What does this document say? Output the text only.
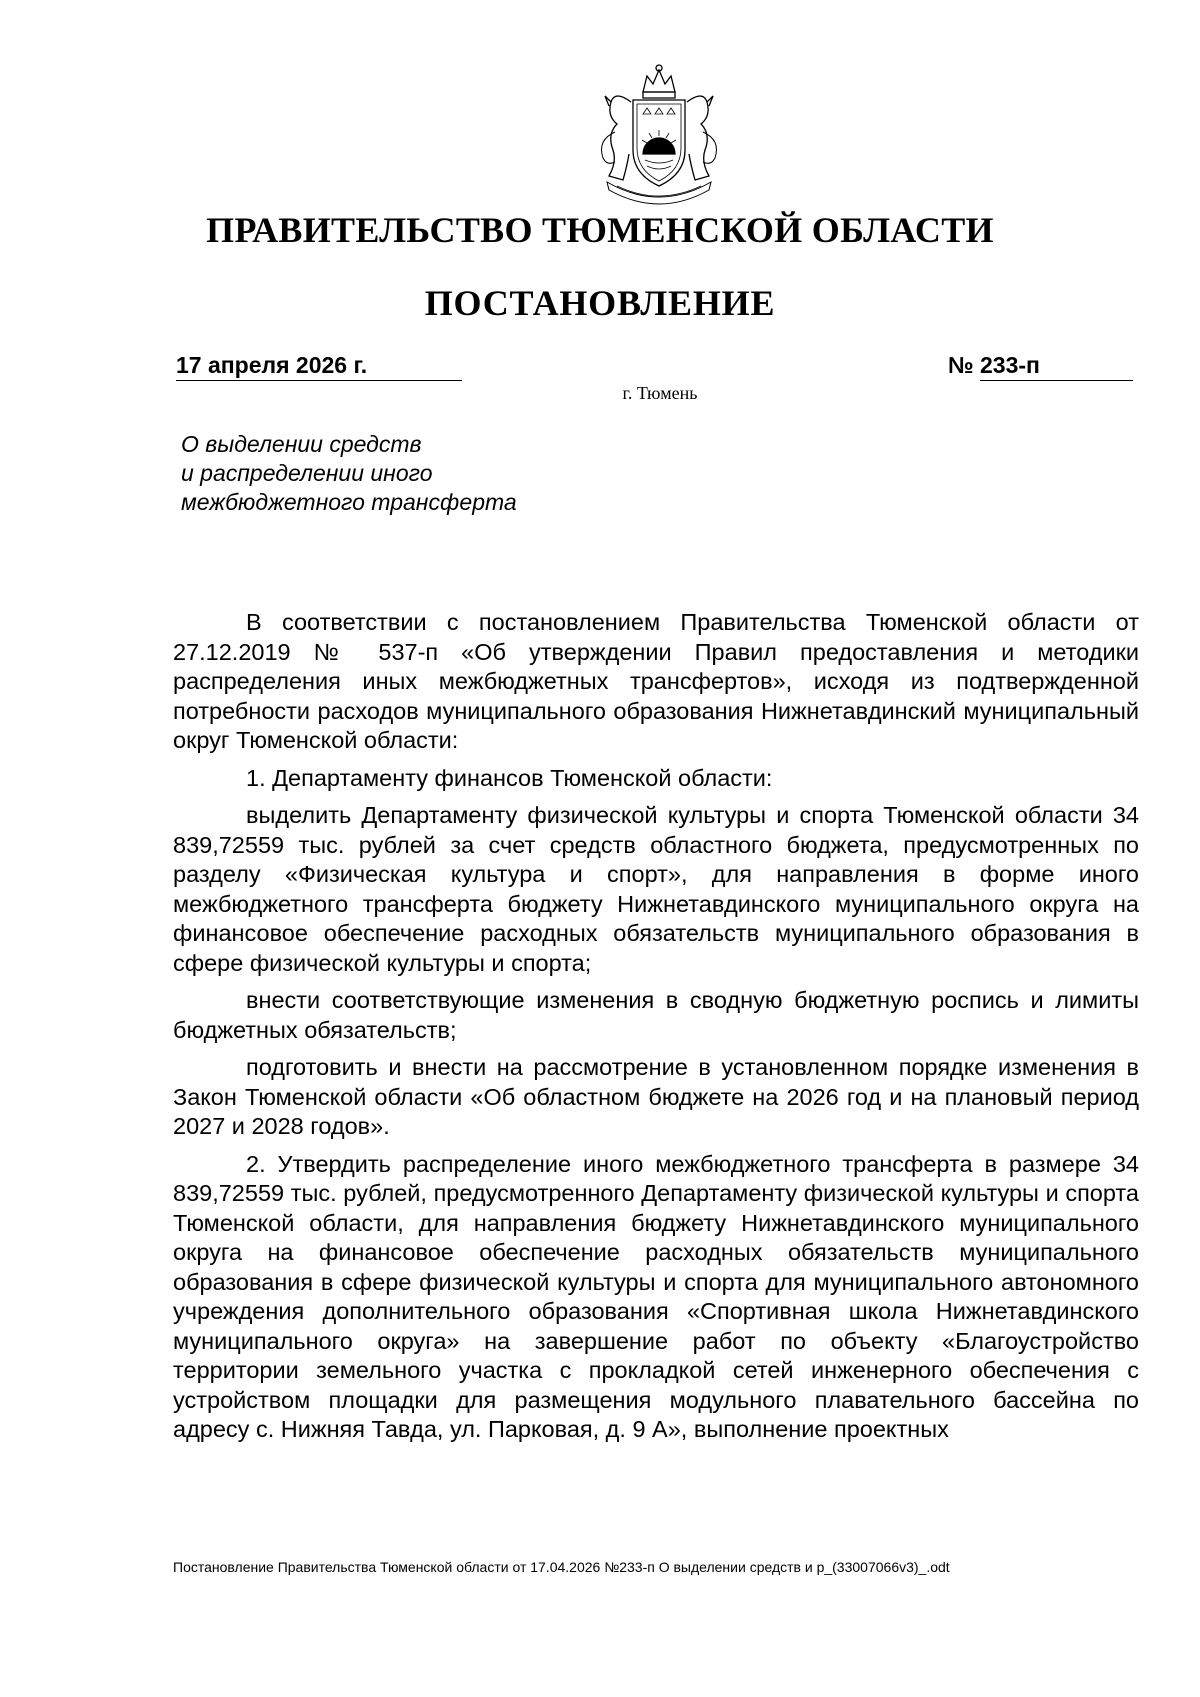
ПРАВИТЕЛЬСТВО ТЮМЕНСКОЙ ОБЛАСТИ
ПОСТАНОВЛЕНИЕ
17 апреля 2026 г.	№ 233-п
г. Тюмень
О выделении средств
и распределении иного
межбюджетного трансферта

В соответствии с постановлением Правительства Тюменской области от 27.12.2019 № 537-п «Об утверждении Правил предоставления и методики распределения иных межбюджетных трансфертов», исходя из подтвержденной потребности расходов муниципального образования Нижнетавдинский муниципальный округ Тюменской области:

1. Департаменту финансов Тюменской области:

выделить Департаменту физической культуры и спорта Тюменской области 34 839,72559 тыс. рублей за счет средств областного бюджета, предусмотренных по разделу «Физическая культура и спорт», для направления в форме иного межбюджетного трансферта бюджету Нижнетавдинского муниципального округа на финансовое обеспечение расходных обязательств муниципального образования в сфере физической культуры и спорта;

внести соответствующие изменения в сводную бюджетную роспись и лимиты бюджетных обязательств;

подготовить и внести на рассмотрение в установленном порядке изменения в Закон Тюменской области «Об областном бюджете на 2026 год и на плановый период 2027 и 2028 годов».

2. Утвердить распределение иного межбюджетного трансферта в размере 34 839,72559 тыс. рублей, предусмотренного Департаменту физической культуры и спорта Тюменской области, для направления бюджету Нижнетавдинского муниципального округа на финансовое обеспечение расходных обязательств муниципального образования в сфере физической культуры и спорта для муниципального автономного учреждения дополнительного образования «Спортивная школа Нижнетавдинского муниципального округа» на завершение работ по объекту «Благоустройство территории земельного участка с прокладкой сетей инженерного обеспечения с устройством площадки для размещения модульного плавательного бассейна по адресу с. Нижняя Тавда, ул. Парковая, д. 9 А», выполнение проектных

Постановление Правительства Тюменской области от 17.04.2026 №233-п О выделении средств и р_(33007066v3)_.odt
